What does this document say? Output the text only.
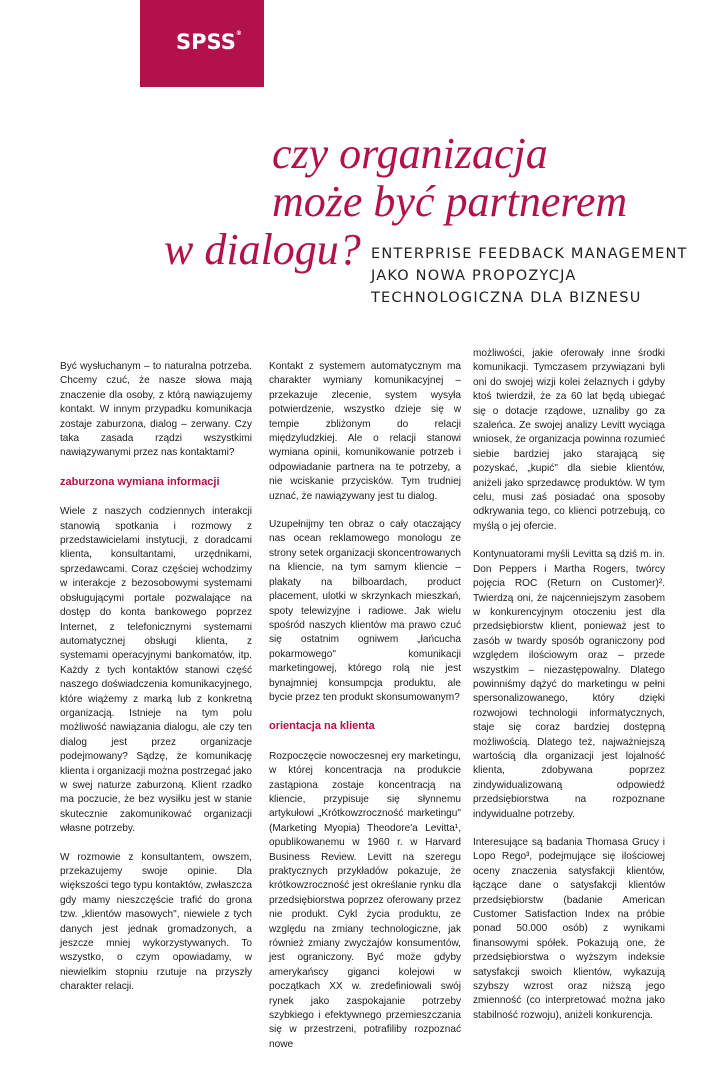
SPSS®
czy organizacja
może być partnerem
w dialogu? ENTERPRISE FEEDBACK MANAGEMENT
JAKO NOWA PROPOZYCJA
TECHNOLOGICZNA DLA BIZNESU

Być wysłuchanym – to naturalna potrzeba. Chcemy czuć, że nasze słowa mają znaczenie dla osoby, z którą nawiązujemy kontakt. W innym przypadku komunikacja zostaje zaburzona, dialog – zerwany. Czy taka zasada rządzi wszystkimi nawiązywanymi przez nas kontaktami?

zaburzona wymiana informacji

Wiele z naszych codziennych interakcji stanowią spotkania i rozmowy z przedstawicielami instytucji, z doradcami klienta, konsultantami, urzędnikami, sprzedawcami. Coraz częściej wchodzimy w interakcje z bezosobowymi systemami obsługującymi portale pozwalające na dostęp do konta bankowego poprzez Internet, z telefonicznymi systemami automatycznej obsługi klienta, z systemami operacyjnymi bankomatów, itp. Każdy z tych kontaktów stanowi część naszego doświadczenia komunikacyjnego, które wiążemy z marką lub z konkretną organizacją. Istnieje na tym polu możliwość nawiązania dialogu, ale czy ten dialog jest przez organizacje podejmowany? Sądzę, że komunikację klienta i organizacji można postrzegać jako w swej naturze zaburzoną. Klient rzadko ma poczucie, że bez wysiłku jest w stanie skutecznie zakomunikować organizacji własne potrzeby.

W rozmowie z konsultantem, owszem, przekazujemy swoje opinie. Dla większości tego typu kontaktów, zwłaszcza gdy mamy nieszczęście trafić do grona tzw. „klientów masowych", niewiele z tych danych jest jednak gromadzonych, a jeszcze mniej wykorzystywanych. To wszystko, o czym opowiadamy, w niewielkim stopniu rzutuje na przyszły charakter relacji.

Kontakt z systemem automatycznym ma charakter wymiany komunikacyjnej – przekazuje zlecenie, system wysyła potwierdzenie, wszystko dzieje się w tempie zbliżonym do relacji międzyludzkiej. Ale o relacji stanowi wymiana opinii, komunikowanie potrzeb i odpowiadanie partnera na te potrzeby, a nie wciskanie przycisków. Tym trudniej uznać, że nawiązywany jest tu dialog.

Uzupełnijmy ten obraz o cały otaczający nas ocean reklamowego monologu ze strony setek organizacji skoncentrowanych na kliencie, na tym samym kliencie – plakaty na bilboardach, product placement, ulotki w skrzynkach mieszkań, spoty telewizyjne i radiowe. Jak wielu spośród naszych klientów ma prawo czuć się ostatnim ogniwem „łańcucha pokarmowego" komunikacji marketingowej, którego rolą nie jest bynajmniej konsumpcja produktu, ale bycie przez ten produkt skonsumowanym?

orientacja na klienta

Rozpoczęcie nowoczesnej ery marketingu, w której koncentracja na produkcie zastąpiona zostaje koncentracją na kliencie, przypisuje się słynnemu artykułowi „Krótkowzroczność marketingu" (Marketing Myopia) Theodore'a Levitta¹, opublikowanemu w 1960 r. w Harvard Business Review. Levitt na szeregu praktycznych przykładów pokazuje, że krótkowzroczność jest określanie rynku dla przedsiębiorstwa poprzez oferowany przez nie produkt. Cykl życia produktu, ze względu na zmiany technologiczne, jak również zmiany zwyczajów konsumentów, jest ograniczony. Być może gdyby amerykańscy giganci kolejowi w początkach XX w. zredefiniowali swój rynek jako zaspokajanie potrzeby szybkiego i efektywnego przemieszczania się w przestrzeni, potrafiliby rozpoznać nowe

możliwości, jakie oferowały inne środki komunikacji. Tymczasem przywiązani byli oni do swojej wizji kolei żelaznych i gdyby ktoś twierdził, że za 60 lat będą ubiegać się o dotacje rządowe, uznaliby go za szaleńca. Ze swojej analizy Levitt wyciąga wniosek, że organizacja powinna rozumieć siebie bardziej jako starającą się pozyskać, „kupić" dla siebie klientów, aniżeli jako sprzedawcę produktów. W tym celu, musi zaś posiadać ona sposoby odkrywania tego, co klienci potrzebują, co myślą o jej ofercie.

Kontynuatorami myśli Levitta są dziś m. in. Don Peppers i Martha Rogers, twórcy pojęcia ROC (Return on Customer)². Twierdzą oni, że najcenniejszym zasobem w konkurencyjnym otoczeniu jest dla przedsiębiorstw klient, ponieważ jest to zasób w twardy sposób ograniczony pod względem ilościowym oraz – przede wszystkim – niezastępowalny. Dlatego powinniśmy dążyć do marketingu w pełni spersonalizowanego, który dzięki rozwojowi technologii informatycznych, staje się coraz bardziej dostępną możliwością. Dlatego też, najważniejszą wartością dla organizacji jest lojalność klienta, zdobywana poprzez zindywidualizowaną odpowiedź przedsiębiorstwa na rozpoznane indywidualne potrzeby.

Interesujące są badania Thomasa Grucy i Lopo Rego³, podejmujące się ilościowej oceny znaczenia satysfakcji klientów, łączące dane o satysfakcji klientów przedsiębiorstw (badanie American Customer Satisfaction Index na próbie ponad 50.000 osób) z wynikami finansowymi spółek. Pokazują one, że przedsiębiorstwa o wyższym indeksie satysfakcji swoich klientów, wykazują szybszy wzrost oraz niższą jego zmienność (co interpretować można jako stabilność rozwoju), aniżeli konkurencja.
